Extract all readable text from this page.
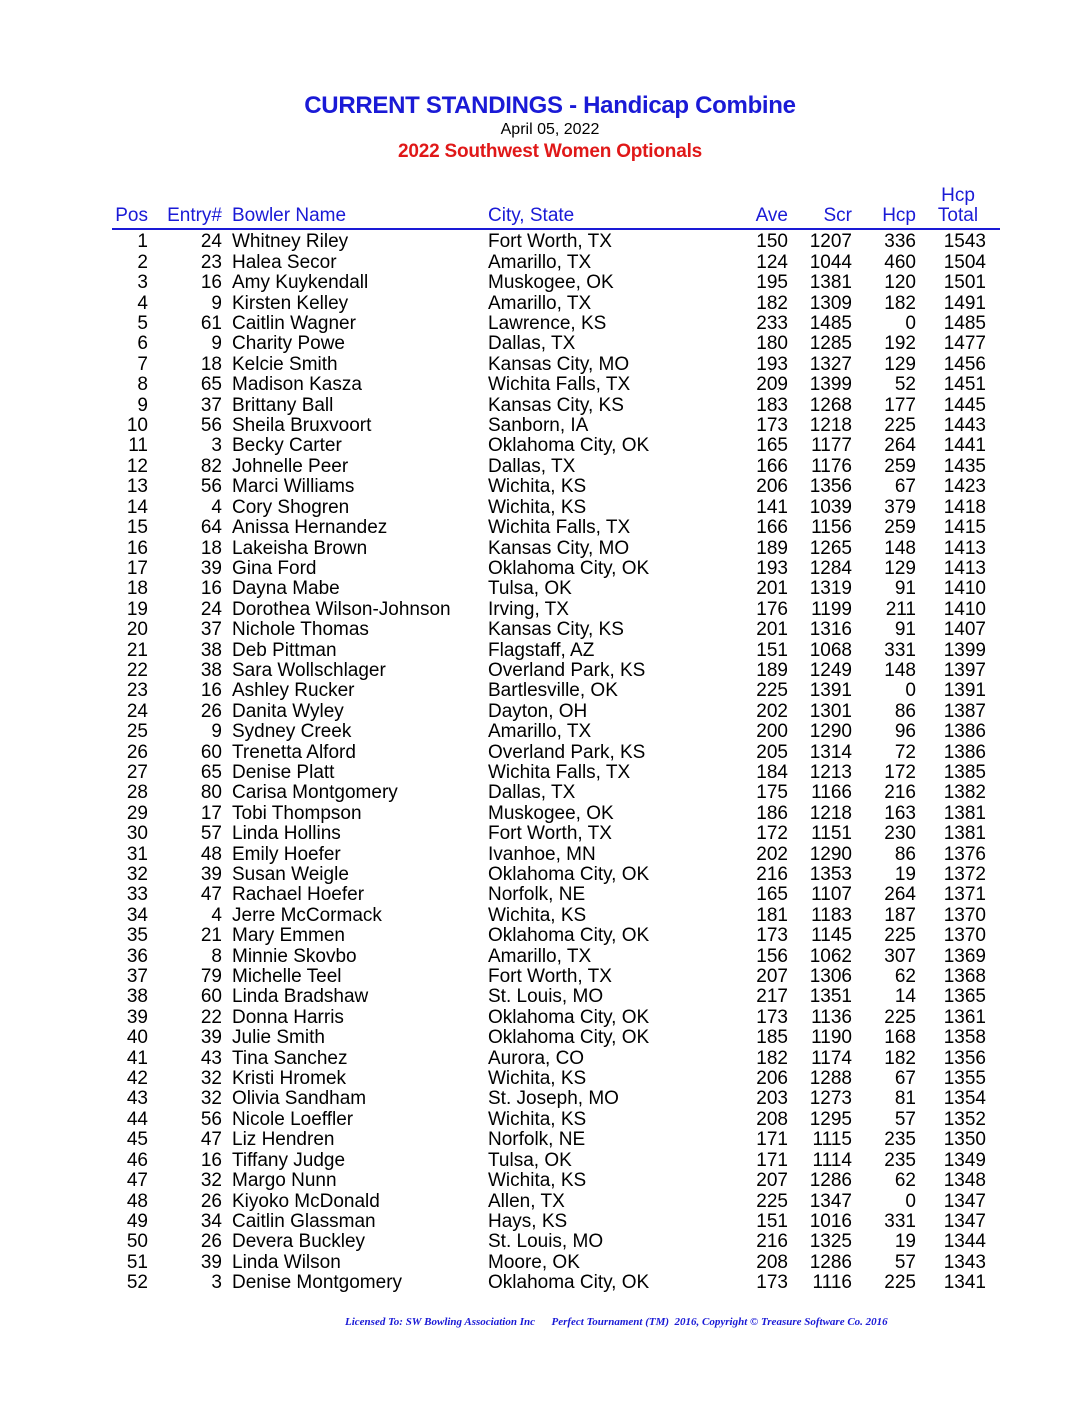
CURRENT STANDINGS - Handicap Combine
April 05, 2022
2022 Southwest Women Optionals
							Hcp
Pos	Entry#	Bowler Name	City, State	Ave	Scr	Hcp	Total
1	24	Whitney Riley	Fort Worth, TX	150	1207	336	1543
2	23	Halea Secor	Amarillo, TX	124	1044	460	1504
3	16	Amy Kuykendall	Muskogee, OK	195	1381	120	1501
4	9	Kirsten Kelley	Amarillo, TX	182	1309	182	1491
5	61	Caitlin Wagner	Lawrence, KS	233	1485	0	1485
6	9	Charity Powe	Dallas, TX	180	1285	192	1477
7	18	Kelcie Smith	Kansas City, MO	193	1327	129	1456
8	65	Madison Kasza	Wichita Falls, TX	209	1399	52	1451
9	37	Brittany Ball	Kansas City, KS	183	1268	177	1445
10	56	Sheila Bruxvoort	Sanborn, IA	173	1218	225	1443
11	3	Becky Carter	Oklahoma City, OK	165	1177	264	1441
12	82	Johnelle Peer	Dallas, TX	166	1176	259	1435
13	56	Marci Williams	Wichita, KS	206	1356	67	1423
14	4	Cory Shogren	Wichita, KS	141	1039	379	1418
15	64	Anissa Hernandez	Wichita Falls, TX	166	1156	259	1415
16	18	Lakeisha Brown	Kansas City, MO	189	1265	148	1413
17	39	Gina Ford	Oklahoma City, OK	193	1284	129	1413
18	16	Dayna Mabe	Tulsa, OK	201	1319	91	1410
19	24	Dorothea Wilson-Johnson	Irving, TX	176	1199	211	1410
20	37	Nichole Thomas	Kansas City, KS	201	1316	91	1407
21	38	Deb Pittman	Flagstaff, AZ	151	1068	331	1399
22	38	Sara Wollschlager	Overland Park, KS	189	1249	148	1397
23	16	Ashley Rucker	Bartlesville, OK	225	1391	0	1391
24	26	Danita Wyley	Dayton, OH	202	1301	86	1387
25	9	Sydney Creek	Amarillo, TX	200	1290	96	1386
26	60	Trenetta Alford	Overland Park, KS	205	1314	72	1386
27	65	Denise Platt	Wichita Falls, TX	184	1213	172	1385
28	80	Carisa Montgomery	Dallas, TX	175	1166	216	1382
29	17	Tobi Thompson	Muskogee, OK	186	1218	163	1381
30	57	Linda Hollins	Fort Worth, TX	172	1151	230	1381
31	48	Emily Hoefer	Ivanhoe, MN	202	1290	86	1376
32	39	Susan Weigle	Oklahoma City, OK	216	1353	19	1372
33	47	Rachael Hoefer	Norfolk, NE	165	1107	264	1371
34	4	Jerre McCormack	Wichita, KS	181	1183	187	1370
35	21	Mary Emmen	Oklahoma City, OK	173	1145	225	1370
36	8	Minnie Skovbo	Amarillo, TX	156	1062	307	1369
37	79	Michelle Teel	Fort Worth, TX	207	1306	62	1368
38	60	Linda Bradshaw	St. Louis, MO	217	1351	14	1365
39	22	Donna Harris	Oklahoma City, OK	173	1136	225	1361
40	39	Julie Smith	Oklahoma City, OK	185	1190	168	1358
41	43	Tina Sanchez	Aurora, CO	182	1174	182	1356
42	32	Kristi Hromek	Wichita, KS	206	1288	67	1355
43	32	Olivia Sandham	St. Joseph, MO	203	1273	81	1354
44	56	Nicole Loeffler	Wichita, KS	208	1295	57	1352
45	47	Liz Hendren	Norfolk, NE	171	1115	235	1350
46	16	Tiffany Judge	Tulsa, OK	171	1114	235	1349
47	32	Margo Nunn	Wichita, KS	207	1286	62	1348
48	26	Kiyoko McDonald	Allen, TX	225	1347	0	1347
49	34	Caitlin Glassman	Hays, KS	151	1016	331	1347
50	26	Devera Buckley	St. Louis, MO	216	1325	19	1344
51	39	Linda Wilson	Moore, OK	208	1286	57	1343
52	3	Denise Montgomery	Oklahoma City, OK	173	1116	225	1341
Licensed To: SW Bowling Association Inc      Perfect Tournament (TM)  2016, Copyright © Treasure Software Co. 2016
